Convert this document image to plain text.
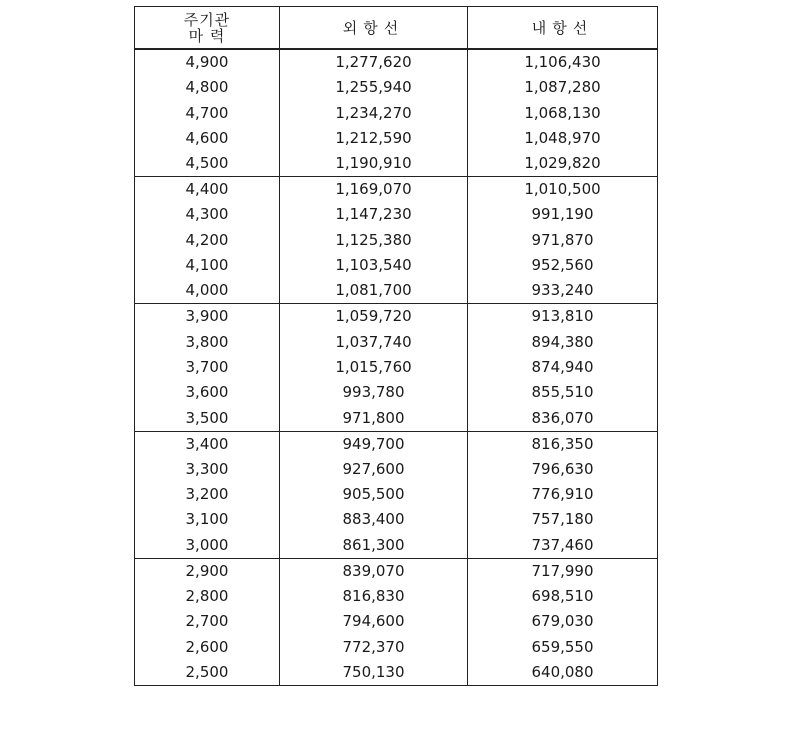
주기관
마 력	외항선	내항선
4,900	1,277,620	1,106,430
4,800	1,255,940	1,087,280
4,700	1,234,270	1,068,130
4,600	1,212,590	1,048,970
4,500	1,190,910	1,029,820
4,400	1,169,070	1,010,500
4,300	1,147,230	991,190
4,200	1,125,380	971,870
4,100	1,103,540	952,560
4,000	1,081,700	933,240
3,900	1,059,720	913,810
3,800	1,037,740	894,380
3,700	1,015,760	874,940
3,600	993,780	855,510
3,500	971,800	836,070
3,400	949,700	816,350
3,300	927,600	796,630
3,200	905,500	776,910
3,100	883,400	757,180
3,000	861,300	737,460
2,900	839,070	717,990
2,800	816,830	698,510
2,700	794,600	679,030
2,600	772,370	659,550
2,500	750,130	640,080
